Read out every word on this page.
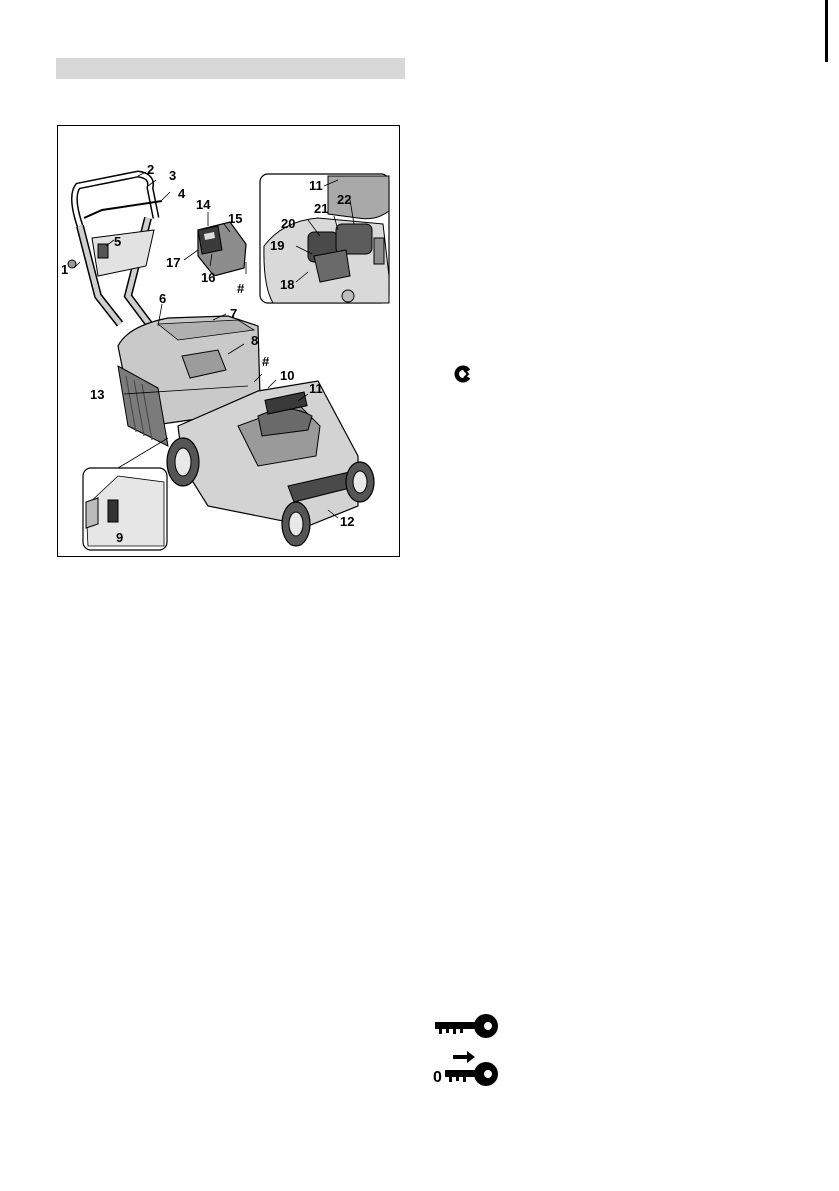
1
2 3
4
5
6
7
8
9
10
11
12
13
14
15
16
17
18
19
20
21
22
11
#
#
0
